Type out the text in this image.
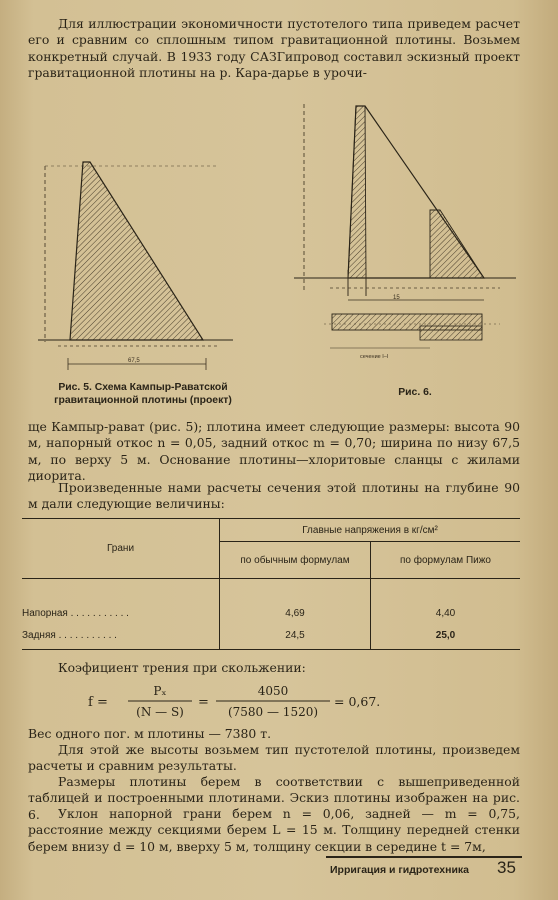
Для иллюстрации экономичности пустотелого типа приведем расчет его и сравним со сплошным типом гравитационной плотины. Возьмем конкретный случай. В 1933 году САЗГипровод составил эскизный проект гравитационной плотины на р. Кара-дарье в урочи-

67,5
15
сечение I–I
Рис. 5. Схема Кампыр-Раватской гравитационной плотины (проект)
Рис. 6.

ще Кампыр-рават (рис. 5); плотина имеет следующие размеры: высота 90 м, напорный откос n = 0,05, задний откос m = 0,70; ширина по низу 67,5 м, по верху 5 м. Основание плотины—хлоритовые сланцы с жилами диорита.

Произведенные нами расчеты сечения этой плотины на глубине 90 м дали следующие величины:

Грани	Главные напряжения в кг/см²	
	по обычным формулам	по формулам Пижо
Напорная . . . . . . . . . . .	4,69	4,40
Задняя . . . . . . . . . . .	24,5	25,0

Коэфициент трения при скольжении:

f =
Pₓ
(N — S)
=
4050
(7580 — 1520)
= 0,67.

Вес одного пог. м плотины — 7380 т.

Для этой же высоты возьмем тип пустотелой плотины, произведем расчеты и сравним результаты.

Размеры плотины берем в соответствии с вышеприведенной таблицей и построенными плотинами. Эскиз плотины изображен на рис. 6.	Уклон напорной грани берем n = 0,06, задней — m = 0,75, расстояние между секциями берем L = 15 м. Толщину передней стенки берем внизу d = 10 м, вверху 5 м, толщину секции в середине t = 7м,

Ирригация и гидротехника 35
